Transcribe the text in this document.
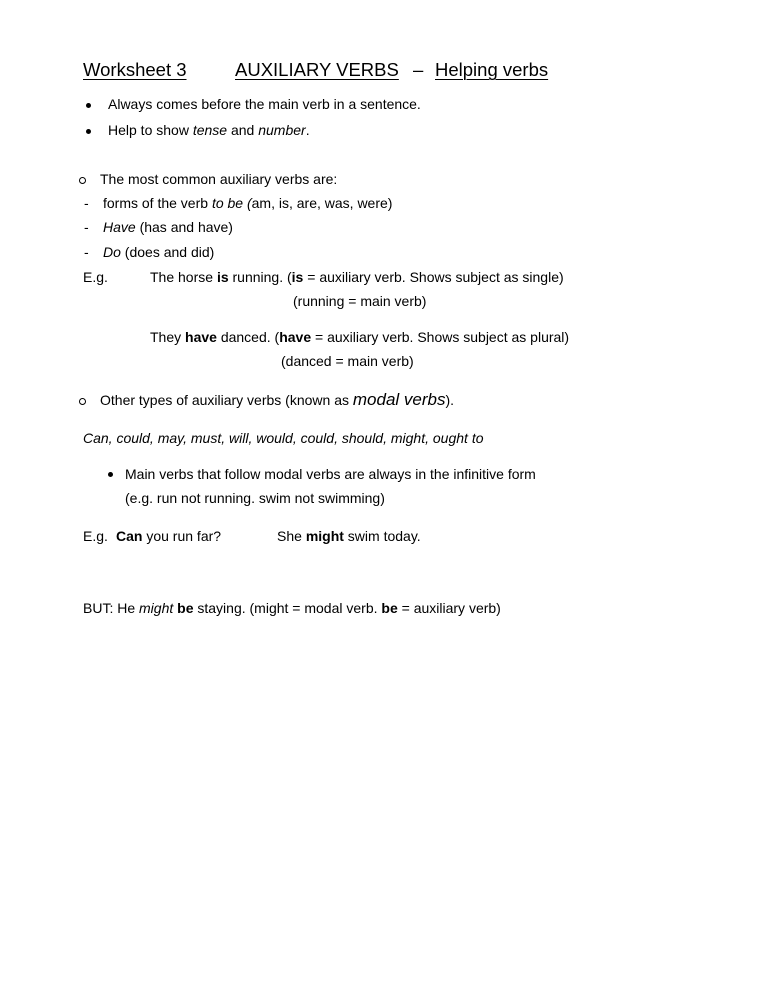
Worksheet 3	AUXILIARY VERBS – Helping verbs
Always comes before the main verb in a sentence.
Help to show tense and number.
The most common auxiliary verbs are:
- forms of the verb to be (am, is, are, was, were)
- Have (has and have)
- Do (does and did)
E.g.	The horse is running. (is = auxiliary verb. Shows subject as single)
(running = main verb)
They have danced. (have = auxiliary verb. Shows subject as plural)
(danced = main verb)
Other types of auxiliary verbs (known as modal verbs).
Can, could, may, must, will, would, could, should, might, ought to
Main verbs that follow modal verbs are always in the infinitive form
(e.g. run not running. swim not swimming)
E.g. Can you run far?	She might swim today.
BUT: He might be staying. (might = modal verb. be = auxiliary verb)
